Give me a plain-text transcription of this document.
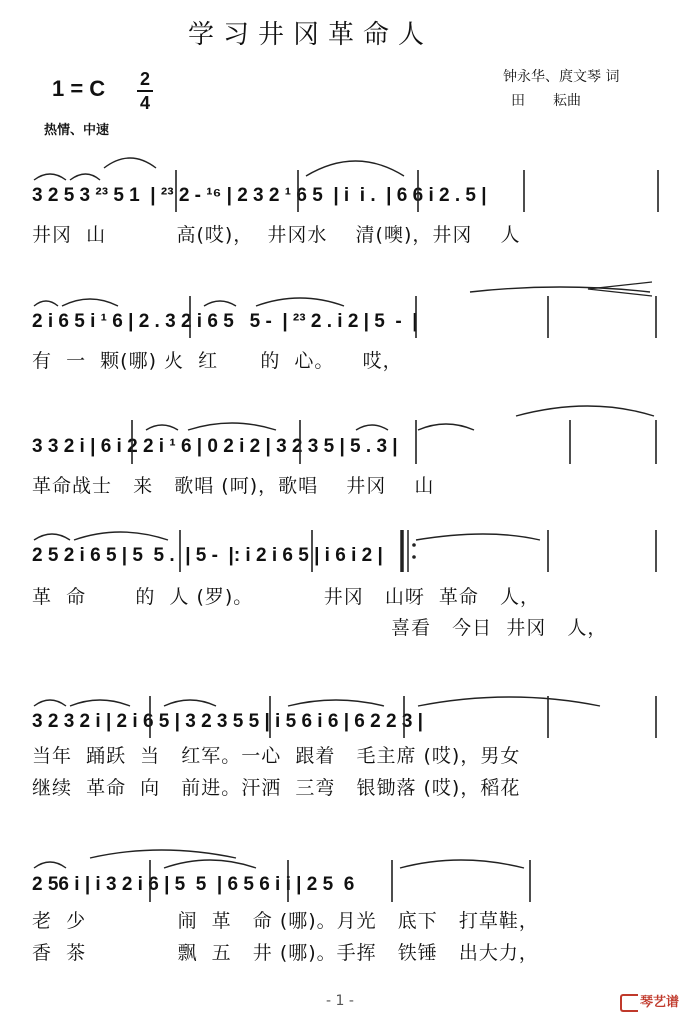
学习井冈革命人
1 = C 2
4
钟永华、庹文琴 词
田　　耘曲
热情、中速
3 2 5 3 ²³ 5 1  | ²³ 2 - ¹⁶ | 2 3 2 ¹ 6 5  | i  i .  | 6 6 i 2 . 5 |
井冈  山          高(哎)，  井冈水    清(噢)，井冈    人
2 i 6 5 i ¹ 6 | 2 . 3 2 i 6 5   5 -  | ²³ 2 . i 2 | 5  -  |
有  一  颗(哪) 火  红      的  心。    哎，
3 3 2 i | 6 i 2 2 i ¹ 6 | 0 2 i 2 | 3 2 3 5 | 5 . 3 |
革命战士   来   歌唱 (呵)，歌唱    井冈    山
2 5 2 i 6 5 | 5  5 .  | 5 -  |: i 2 i 6 5 | i 6 i 2 |
革  命       的  人 (罗)。          井冈   山呀  革命   人，
喜看   今日  井冈   人，
3 2 3 2 i | 2 i 6 5 | 3 2 3 5 5 | i 5 6 i 6 | 6 2 2 3 |
当年  踊跃  当   红军。一心  跟着   毛主席 (哎)，男女
继续  革命  向   前进。汗洒  三弯   银锄落 (哎)，稻花
2 56 i | i 3 2 i 6 | 5  5  | 6 5 6 i i | 2 5  6
老  少             闹  革   命 (哪)。月光   底下   打草鞋，
香  茶             飘  五   井 (哪)。手挥   铁锤   出大力，
- 1 -	琴艺谱
